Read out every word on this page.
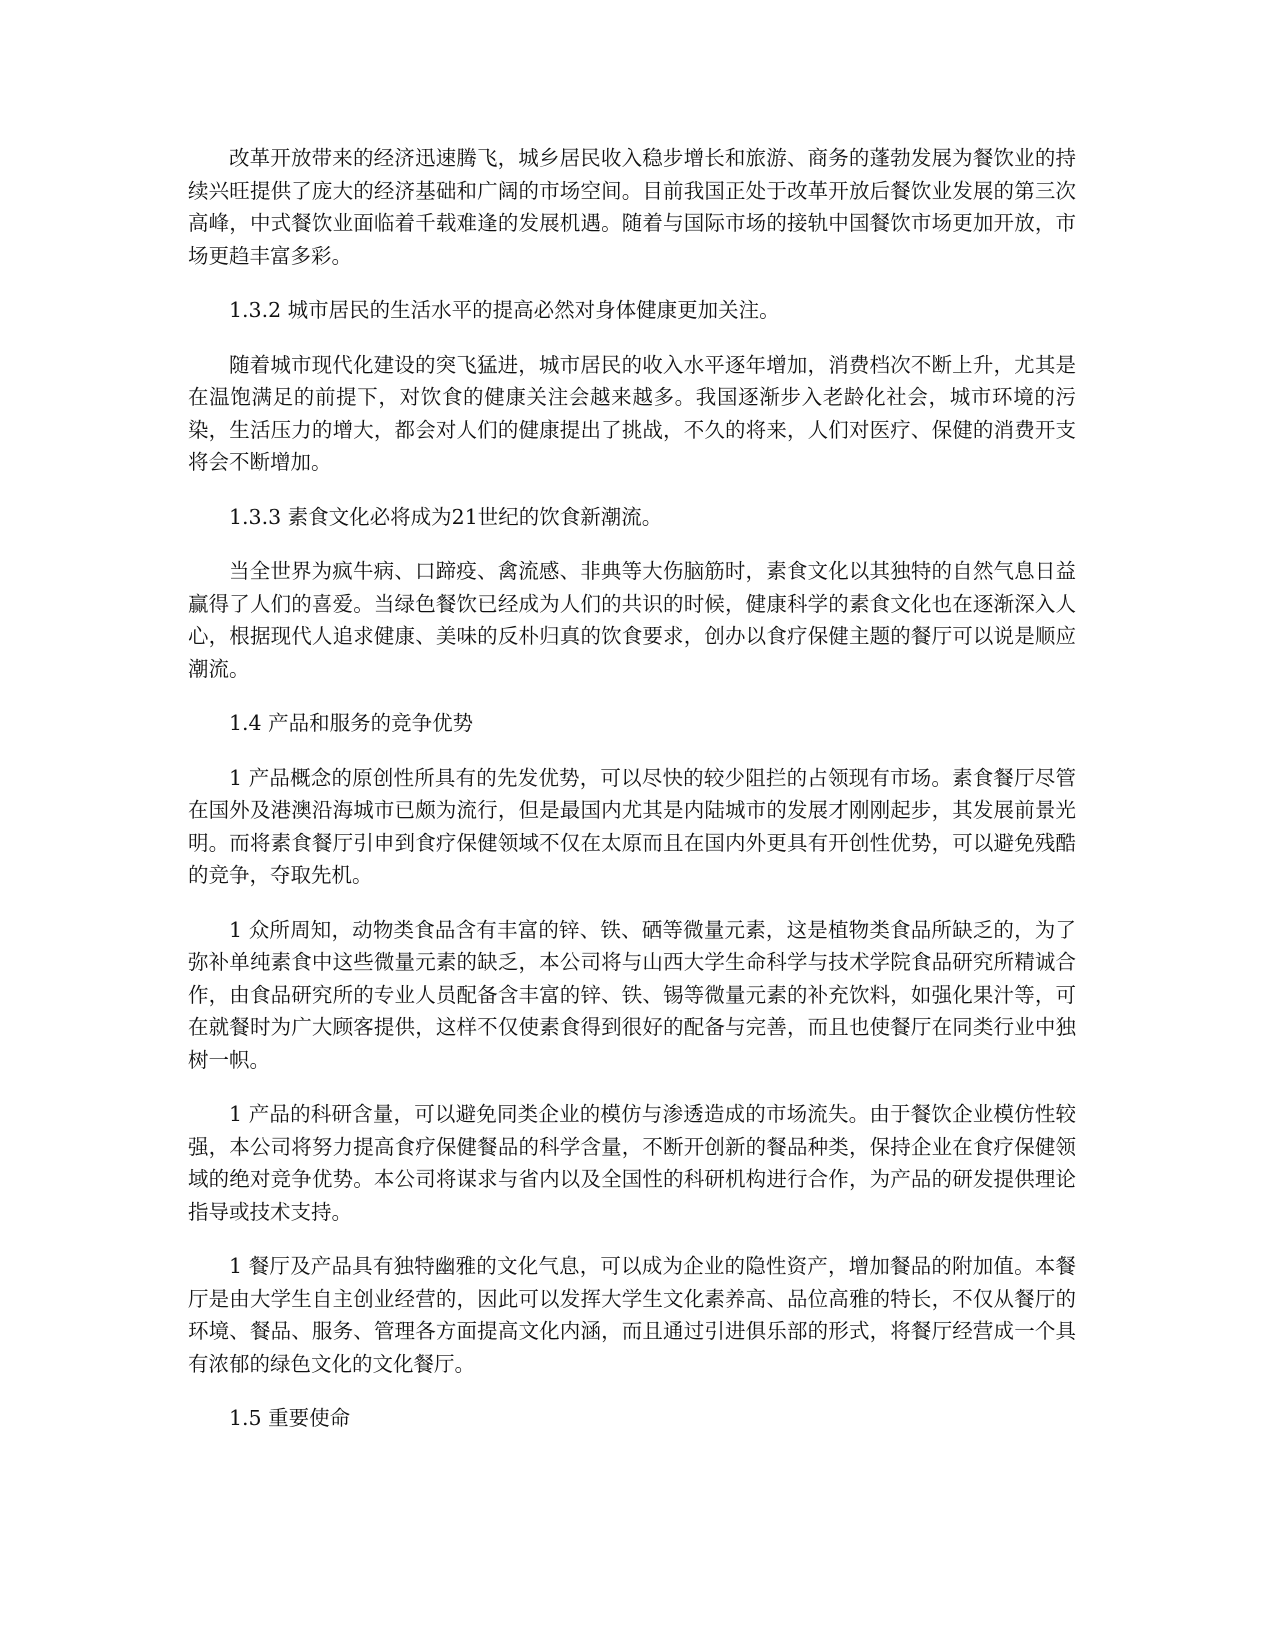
改革开放带来的经济迅速腾飞，城乡居民收入稳步增长和旅游、商务的蓬勃发展为餐饮业的持续兴旺提供了庞大的经济基础和广阔的市场空间。目前我国正处于改革开放后餐饮业发展的第三次高峰，中式餐饮业面临着千载难逢的发展机遇。随着与国际市场的接轨中国餐饮市场更加开放，市场更趋丰富多彩。

1.3.2 城市居民的生活水平的提高必然对身体健康更加关注。

随着城市现代化建设的突飞猛进，城市居民的收入水平逐年增加，消费档次不断上升，尤其是在温饱满足的前提下，对饮食的健康关注会越来越多。我国逐渐步入老龄化社会，城市环境的污染，生活压力的增大，都会对人们的健康提出了挑战，不久的将来，人们对医疗、保健的消费开支将会不断增加。

1.3.3 素食文化必将成为21世纪的饮食新潮流。

当全世界为疯牛病、口蹄疫、禽流感、非典等大伤脑筋时，素食文化以其独特的自然气息日益赢得了人们的喜爱。当绿色餐饮已经成为人们的共识的时候，健康科学的素食文化也在逐渐深入人心，根据现代人追求健康、美味的反朴归真的饮食要求，创办以食疗保健主题的餐厅可以说是顺应潮流。

1.4 产品和服务的竞争优势

1 产品概念的原创性所具有的先发优势，可以尽快的较少阻拦的占领现有市场。素食餐厅尽管在国外及港澳沿海城市已颇为流行，但是最国内尤其是内陆城市的发展才刚刚起步，其发展前景光明。而将素食餐厅引申到食疗保健领域不仅在太原而且在国内外更具有开创性优势，可以避免残酷的竞争，夺取先机。

1 众所周知，动物类食品含有丰富的锌、铁、硒等微量元素，这是植物类食品所缺乏的，为了弥补单纯素食中这些微量元素的缺乏，本公司将与山西大学生命科学与技术学院食品研究所精诚合作，由食品研究所的专业人员配备含丰富的锌、铁、锡等微量元素的补充饮料，如强化果汁等，可在就餐时为广大顾客提供，这样不仅使素食得到很好的配备与完善，而且也使餐厅在同类行业中独树一帜。

1 产品的科研含量，可以避免同类企业的模仿与渗透造成的市场流失。由于餐饮企业模仿性较强，本公司将努力提高食疗保健餐品的科学含量，不断开创新的餐品种类，保持企业在食疗保健领域的绝对竞争优势。本公司将谋求与省内以及全国性的科研机构进行合作，为产品的研发提供理论指导或技术支持。

1 餐厅及产品具有独特幽雅的文化气息，可以成为企业的隐性资产，增加餐品的附加值。本餐厅是由大学生自主创业经营的，因此可以发挥大学生文化素养高、品位高雅的特长，不仅从餐厅的环境、餐品、服务、管理各方面提高文化内涵，而且通过引进俱乐部的形式，将餐厅经营成一个具有浓郁的绿色文化的文化餐厅。

1.5 重要使命
